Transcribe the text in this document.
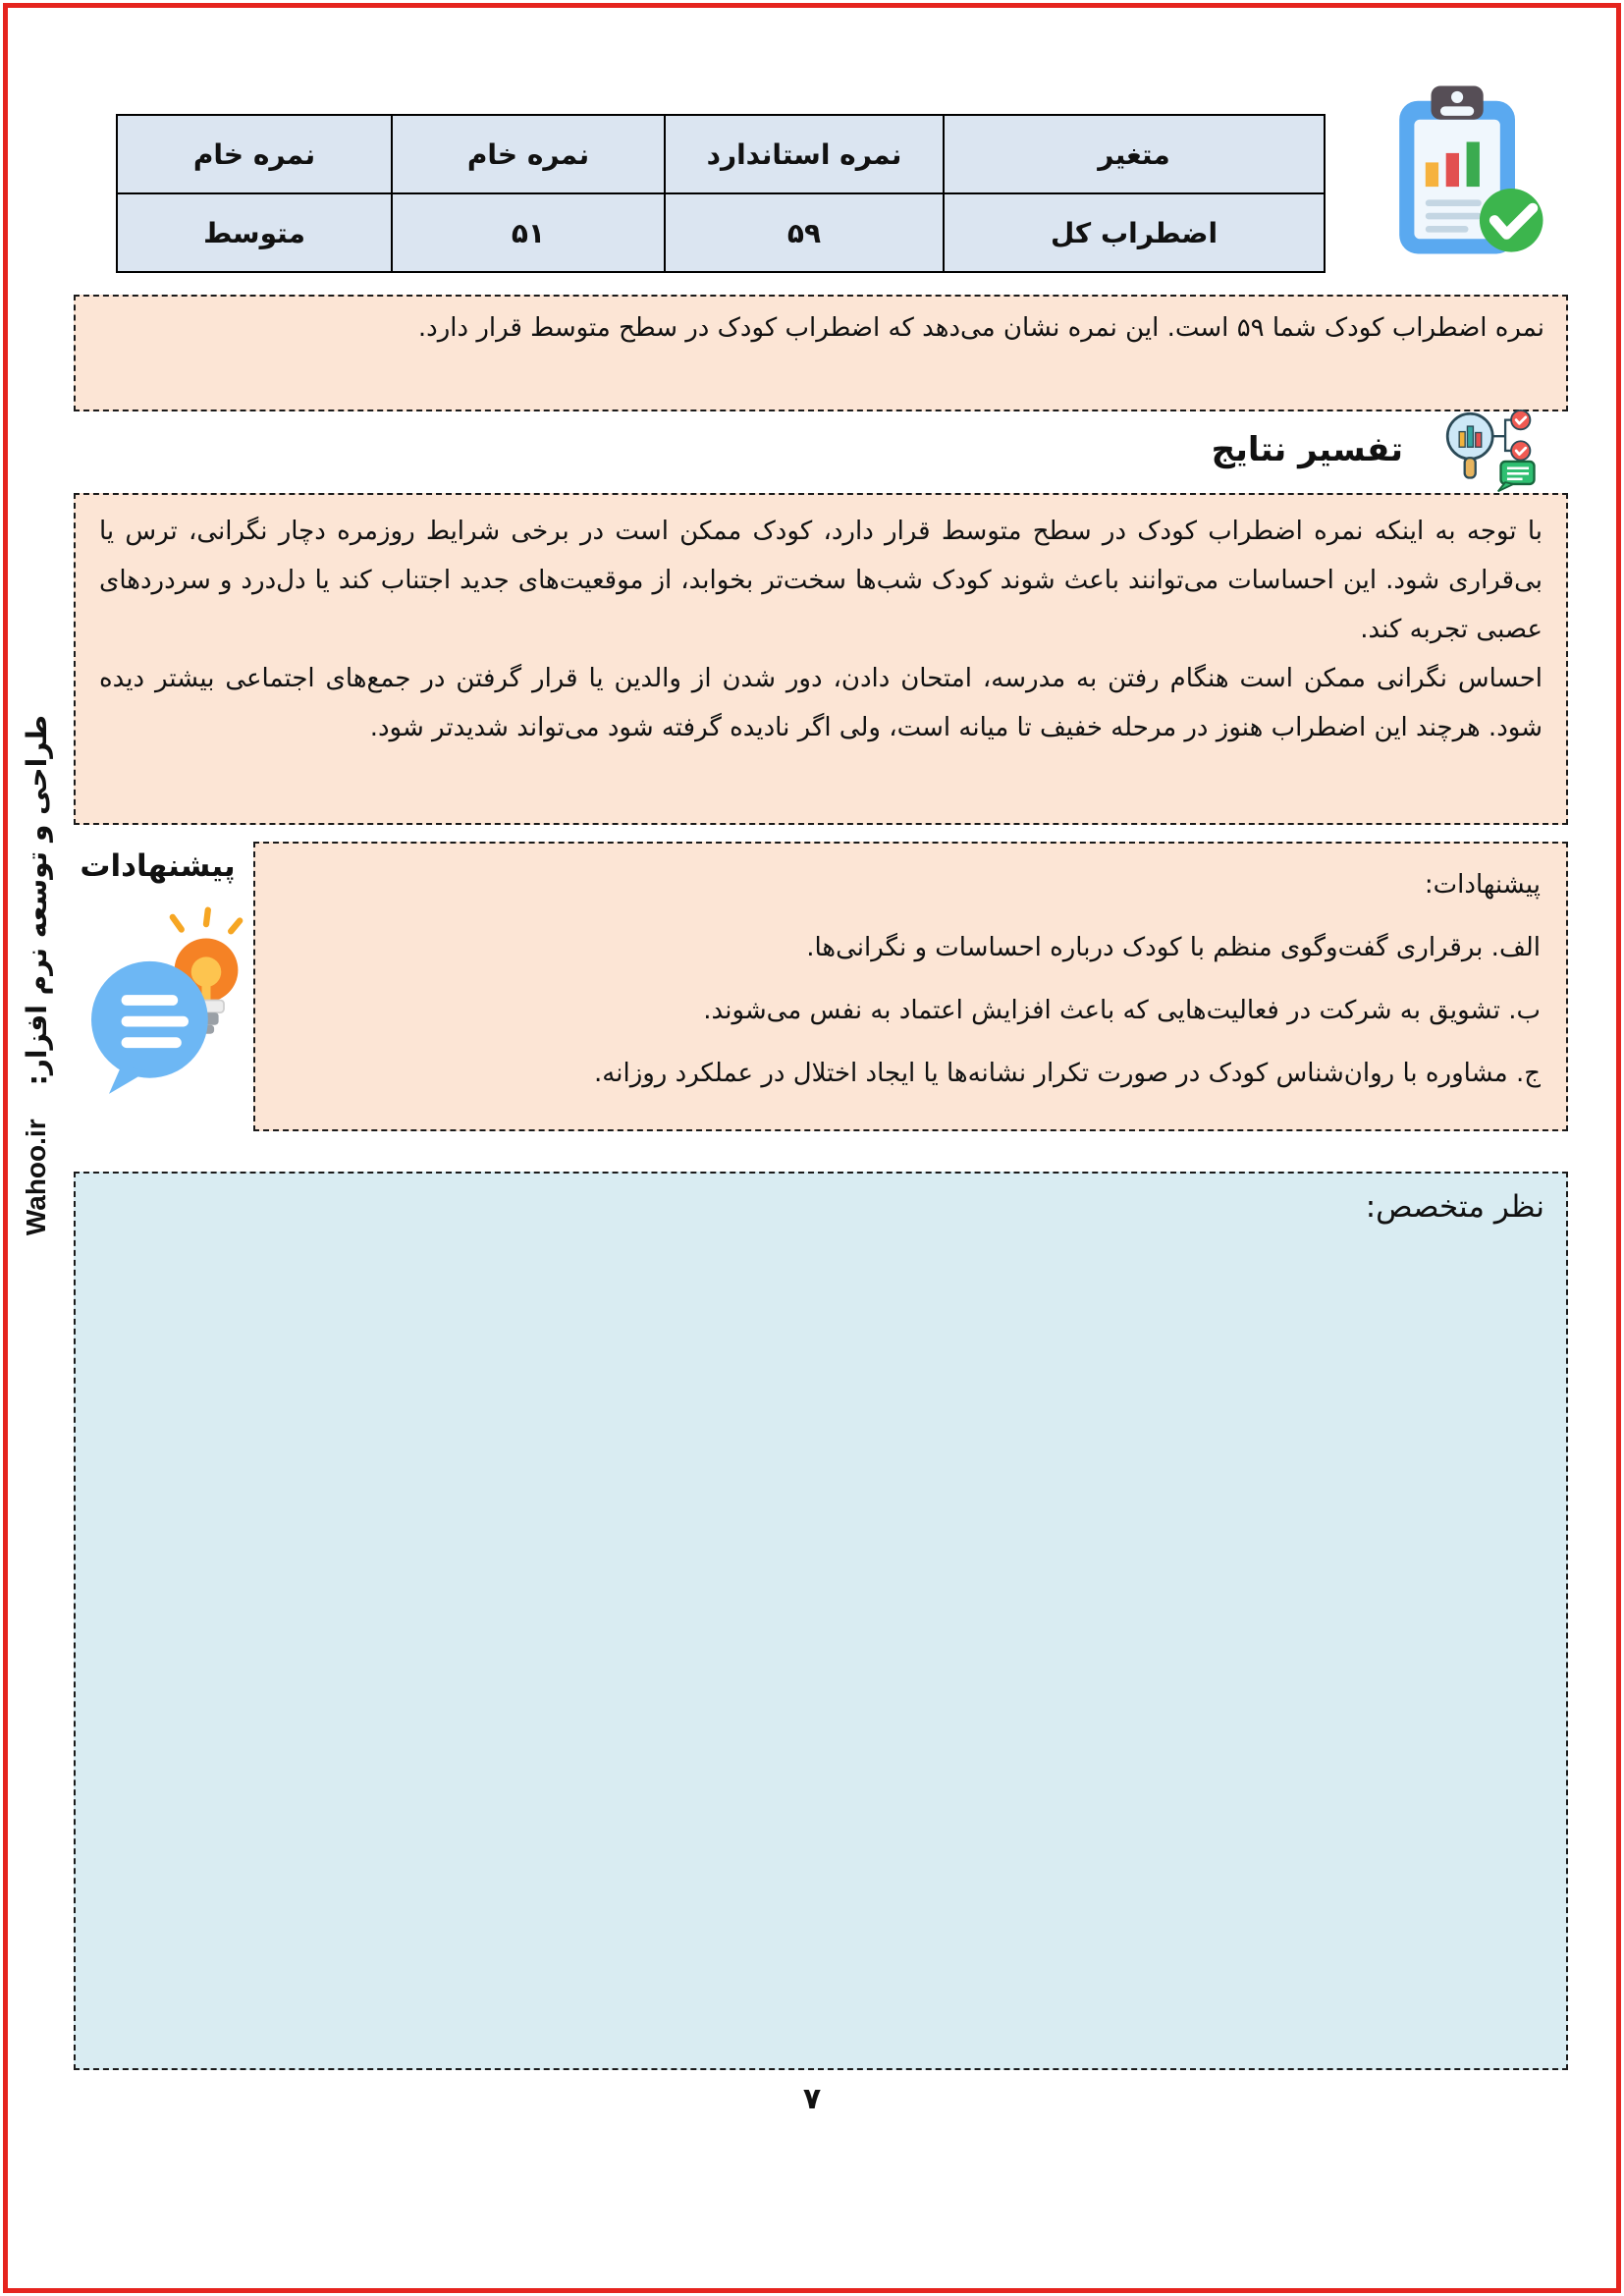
متغیر	نمره استاندارد	نمره خام	نمره خام
اضطراب کل	۵۹	۵۱	متوسط
نمره اضطراب کودک شما ۵۹ است. این نمره نشان می‌دهد که اضطراب کودک در سطح متوسط قرار دارد.
تفسیر نتایج

با توجه به اینکه نمره اضطراب کودک در سطح متوسط قرار دارد، کودک ممکن است در برخی شرایط روزمره دچار نگرانی، ترس یا بی‌قراری شود. این احساسات می‌توانند باعث شوند کودک شب‌ها سخت‌تر بخوابد، از موقعیت‌های جدید اجتناب کند یا دل‌درد و سردردهای عصبی تجربه کند.

احساس نگرانی ممکن است هنگام رفتن به مدرسه، امتحان دادن، دور شدن از والدین یا قرار گرفتن در جمع‌های اجتماعی بیشتر دیده شود. هرچند این اضطراب هنوز در مرحله خفیف تا میانه است، ولی اگر نادیده گرفته شود می‌تواند شدیدتر شود.

پیشنهادات
پیشنهادات:
الف. برقراری گفت‌وگوی منظم با کودک درباره احساسات و نگرانی‌ها.
ب. تشویق به شرکت در فعالیت‌هایی که باعث افزایش اعتماد به نفس می‌شوند.
ج. مشاوره با روان‌شناس کودک در صورت تکرار نشانه‌ها یا ایجاد اختلال در عملکرد روزانه.
نظر متخصص:
۷
طراحی و توسعه نرم افزار:
Wahoo.ir
